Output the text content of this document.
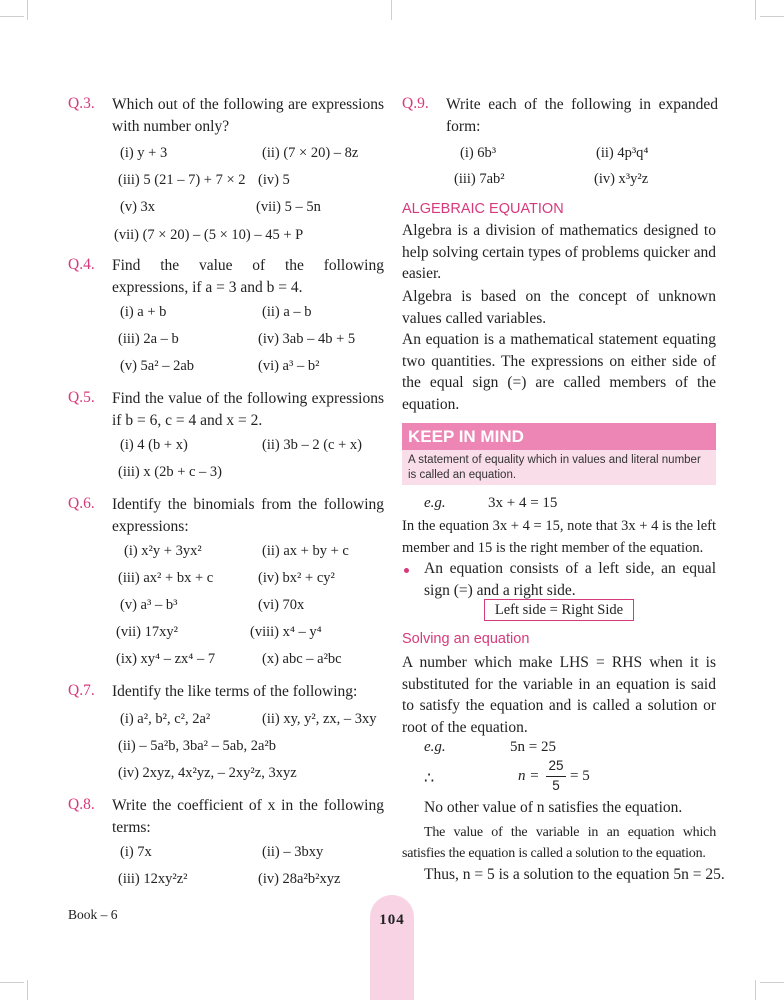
Q.3. Which out of the following are expressions with number only?
(i) y + 3	(ii) (7 × 20) – 8z
(iii) 5 (21 – 7) + 7 × 2 (iv) 5
(v) 3x	(vii) 5 – 5n
(vii) (7 × 20) – (5 × 10) – 45 + P
Q.4. Find the value of the following expressions, if a = 3 and b = 4.
(i) a + b	(ii) a – b
(iii) 2a – b	(iv) 3ab – 4b + 5
(v) 5a² – 2ab	(vi) a³ – b²
Q.5. Find the value of the following expressions if b = 6, c = 4 and x = 2.
(i) 4 (b + x)	(ii) 3b – 2 (c + x)
(iii) x (2b + c – 3)
Q.6. Identify the binomials from the following expressions:
(i) x²y + 3yx²	(ii) ax + by + c
(iii) ax² + bx + c	(iv) bx² + cy²
(v) a³ – b³	(vi) 70x
(vii) 17xy²	(viii) x⁴ – y⁴
(ix) xy⁴ – zx⁴ – 7	(x) abc – a²bc
Q.7. Identify the like terms of the following:
(i) a², b², c², 2a²	(ii) xy, y², zx, – 3xy
(ii) – 5a²b, 3ba² – 5ab, 2a²b
(iv) 2xyz, 4x²yz, – 2xy²z, 3xyz
Q.8. Write the coefficient of x in the following terms:
(i) 7x	(ii) – 3bxy
(iii) 12xy²z²	(iv) 28a²b²xyz
Q.9. Write each of the following in expanded form:
(i) 6b³	(ii) 4p³q⁴
(iii) 7ab²	(iv) x³y²z
ALGEBRAIC EQUATION
Algebra is a division of mathematics designed to help solving certain types of problems quicker and easier.
Algebra is based on the concept of unknown values called variables.
An equation is a mathematical statement equating two quantities. The expressions on either side of the equal sign (=) are called members of the equation.
KEEP IN MIND
A statement of equality which in values and literal number is called an equation.
e.g.	3x + 4 = 15
In the equation 3x + 4 = 15, note that 3x + 4 is the left member and 15 is the right member of the equation.
An equation consists of a left side, an equal sign (=) and a right side.
Left side = Right Side
Solving an equation
A number which make LHS = RHS when it is substituted for the variable in an equation is said to satisfy the equation and is called a solution or root of the equation.
e.g.	5n = 25
∴	n =
25
5
= 5
No other value of n satisfies the equation.
The value of the variable in an equation which satisfies the equation is called a solution to the equation.
Thus, n = 5 is a solution to the equation 5n = 25.
Book – 6	104
